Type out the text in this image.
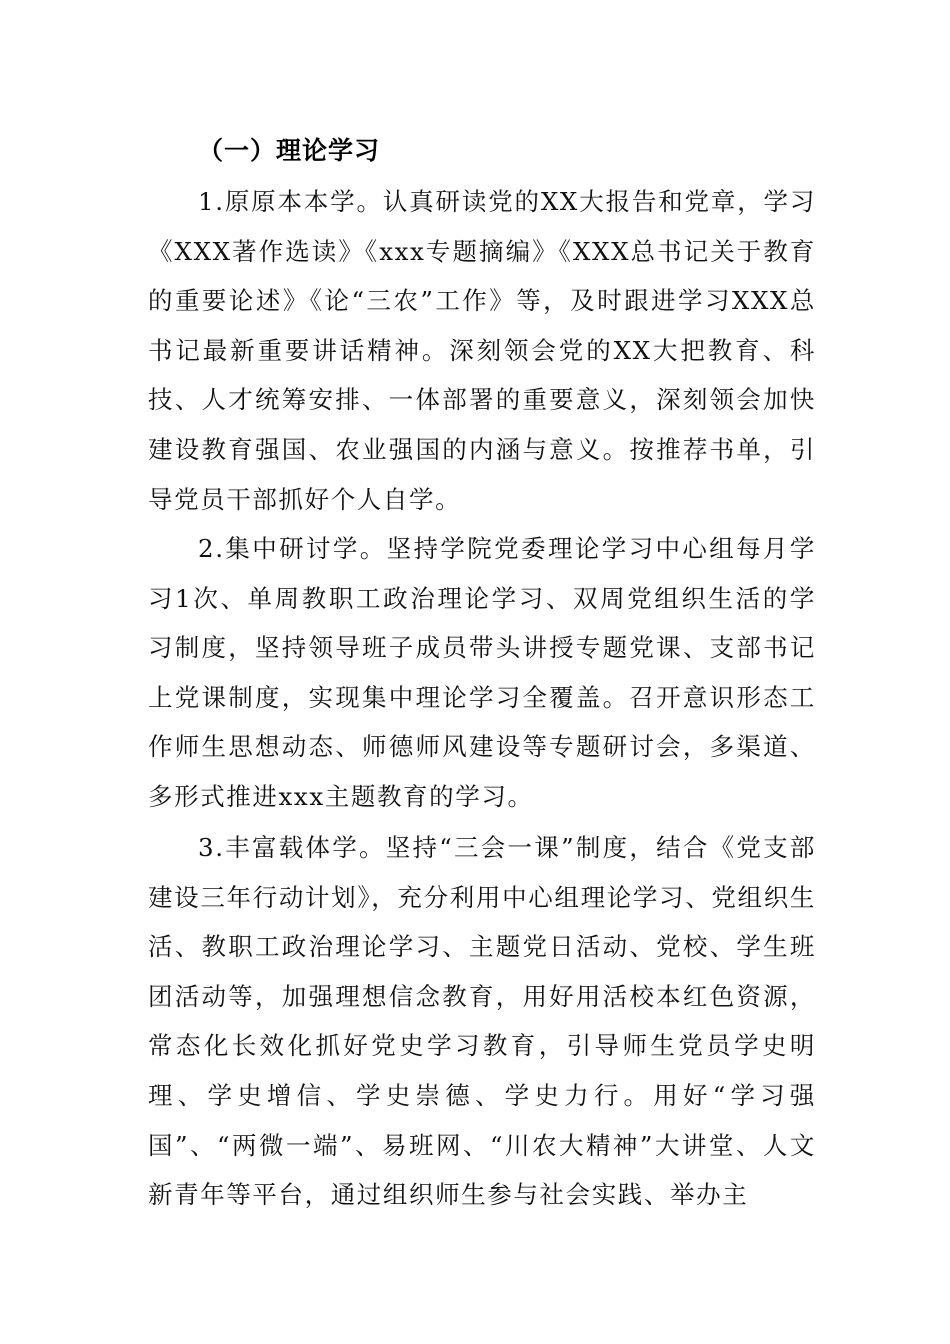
（一）理论学习

1.原原本本学。认真研读党的XX大报告和党章，学习《XXX著作选读》《xxx专题摘编》《XXX总书记关于教育的重要论述》《论“三农”工作》等，及时跟进学习XXX总书记最新重要讲话精神。深刻领会党的XX大把教育、科技、人才统筹安排、一体部署的重要意义，深刻领会加快建设教育强国、农业强国的内涵与意义。按推荐书单，引导党员干部抓好个人自学。

2.集中研讨学。坚持学院党委理论学习中心组每月学习1次、单周教职工政治理论学习、双周党组织生活的学习制度，坚持领导班子成员带头讲授专题党课、支部书记上党课制度，实现集中理论学习全覆盖。召开意识形态工作师生思想动态、师德师风建设等专题研讨会，多渠道、多形式推进xxx主题教育的学习。

3.丰富载体学。坚持“三会一课”制度，结合《党支部建设三年行动计划》，充分利用中心组理论学习、党组织生活、教职工政治理论学习、主题党日活动、党校、学生班团活动等，加强理想信念教育，用好用活校本红色资源，常态化长效化抓好党史学习教育，引导师生党员学史明理、学史增信、学史崇德、学史力行。用好“学习强国”、“两微一端”、易班网、“川农大精神”大讲堂、人文新青年等平台，通过组织师生参与社会实践、举办主
